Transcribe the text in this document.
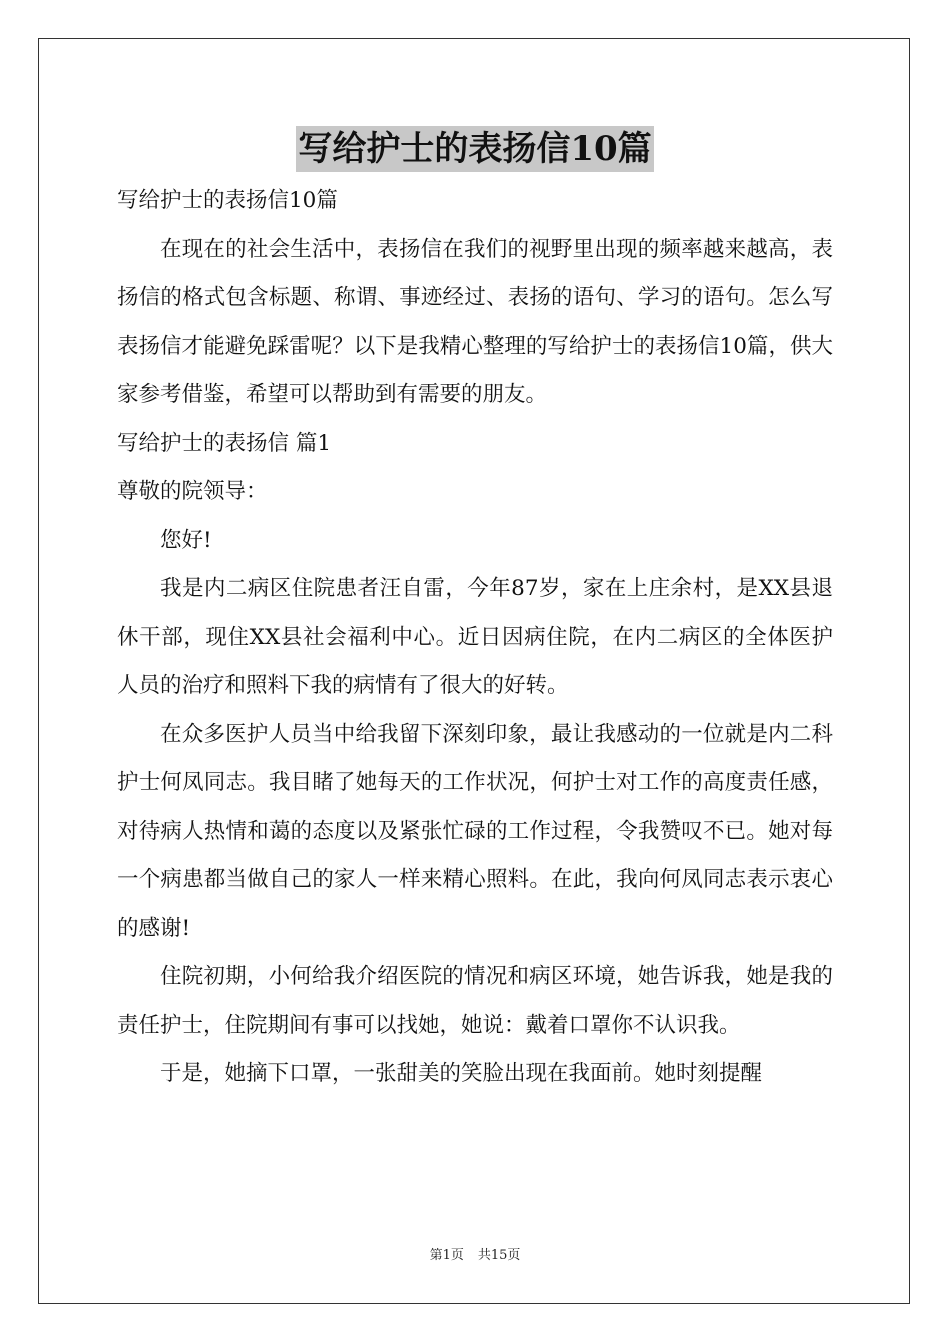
写给护士的表扬信10篇

写给护士的表扬信10篇

在现在的社会生活中，表扬信在我们的视野里出现的频率越来越高，表扬信的格式包含标题、称谓、事迹经过、表扬的语句、学习的语句。怎么写表扬信才能避免踩雷呢？以下是我精心整理的写给护士的表扬信10篇，供大家参考借鉴，希望可以帮助到有需要的朋友。

写给护士的表扬信 篇1

尊敬的院领导：

您好!

我是内二病区住院患者汪自雷，今年87岁，家在上庄余村，是XX县退休干部，现住XX县社会福利中心。近日因病住院，在内二病区的全体医护人员的治疗和照料下我的病情有了很大的好转。

在众多医护人员当中给我留下深刻印象，最让我感动的一位就是内二科护士何凤同志。我目睹了她每天的工作状况，何护士对工作的高度责任感，对待病人热情和蔼的态度以及紧张忙碌的工作过程，令我赞叹不已。她对每一个病患都当做自己的家人一样来精心照料。在此，我向何凤同志表示衷心的感谢!

住院初期，小何给我介绍医院的情况和病区环境，她告诉我，她是我的责任护士，住院期间有事可以找她，她说：戴着口罩你不认识我。

于是，她摘下口罩，一张甜美的笑脸出现在我面前。她时刻提醒

第1页 共15页
